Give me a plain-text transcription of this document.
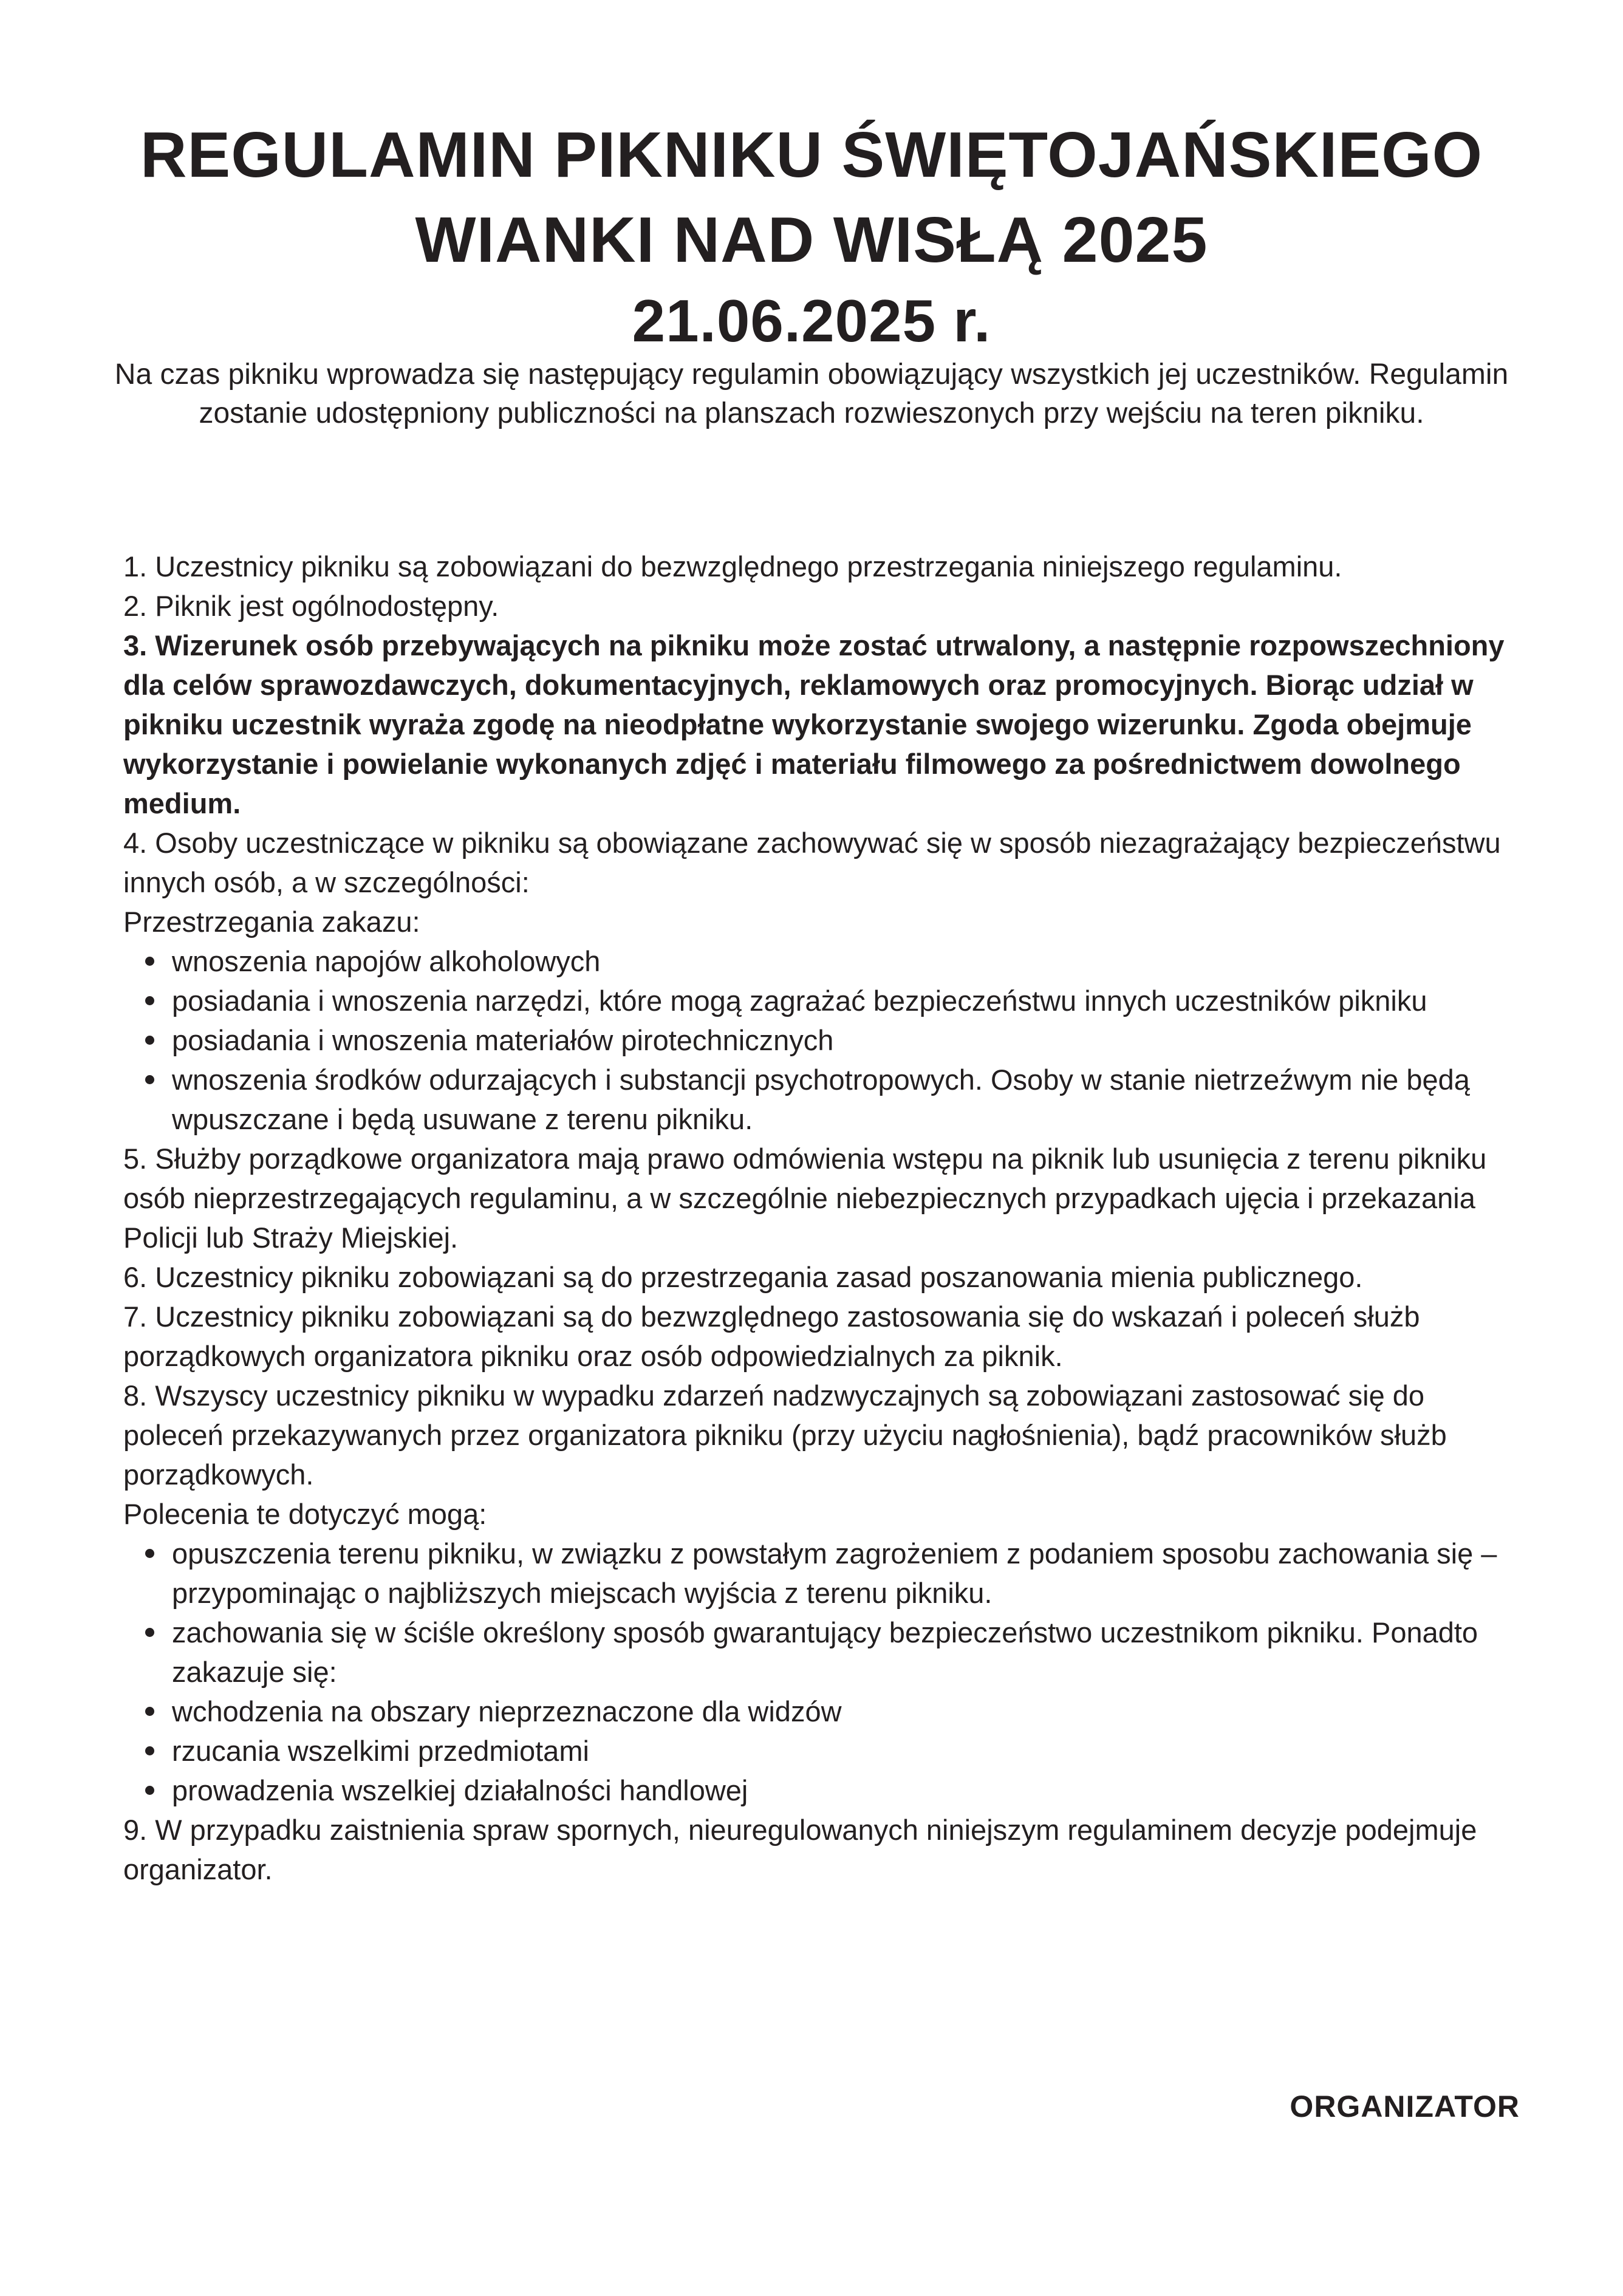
REGULAMIN PIKNIKU ŚWIĘTOJAŃSKIEGO
WIANKI NAD WISŁĄ 2025
21.06.2025 r.
Na czas pikniku wprowadza się następujący regulamin obowiązujący wszystkich jej uczestników. Regulamin zostanie udostępniony publiczności na planszach rozwieszonych przy wejściu na teren pikniku.

1. Uczestnicy pikniku są zobowiązani do bezwzględnego przestrzegania niniejszego regulaminu.

2. Piknik jest ogólnodostępny.

3. Wizerunek osób przebywających na pikniku może zostać utrwalony, a następnie rozpowszechniony dla celów sprawozdawczych, dokumentacyjnych, reklamowych oraz promocyjnych. Biorąc udział w pikniku uczestnik wyraża zgodę na nieodpłatne wykorzystanie swojego wizerunku. Zgoda obejmuje wykorzystanie i powielanie wykonanych zdjęć i materiału filmowego za pośrednictwem dowolnego medium.

4. Osoby uczestniczące w pikniku są obowiązane zachowywać się w sposób niezagrażający bezpieczeństwu innych osób, a w szczególności:

Przestrzegania zakazu:

wnoszenia napojów alkoholowych
posiadania i wnoszenia narzędzi, które mogą zagrażać bezpieczeństwu innych uczestników pikniku
posiadania i wnoszenia materiałów pirotechnicznych
wnoszenia środków odurzających i substancji psychotropowych. Osoby w stanie nietrzeźwym nie będą wpuszczane i będą usuwane z terenu pikniku.

5. Służby porządkowe organizatora mają prawo odmówienia wstępu na piknik lub usunięcia z terenu pikniku osób nieprzestrzegających regulaminu, a w szczególnie niebezpiecznych przypadkach ujęcia i przekazania Policji lub Straży Miejskiej.

6. Uczestnicy pikniku zobowiązani są do przestrzegania zasad poszanowania mienia publicznego.

7. Uczestnicy pikniku zobowiązani są do bezwzględnego zastosowania się do wskazań i poleceń służb porządkowych organizatora pikniku oraz osób odpowiedzialnych za piknik.

8. Wszyscy uczestnicy pikniku w wypadku zdarzeń nadzwyczajnych są zobowiązani zastosować się do poleceń przekazywanych przez organizatora pikniku (przy użyciu nagłośnienia), bądź pracowników służb porządkowych.

Polecenia te dotyczyć mogą:

opuszczenia terenu pikniku, w związku z powstałym zagrożeniem z podaniem sposobu zachowania się – przypominając o najbliższych miejscach wyjścia z terenu pikniku.
zachowania się w ściśle określony sposób gwarantujący bezpieczeństwo uczestnikom pikniku. Ponadto zakazuje się:
wchodzenia na obszary nieprzeznaczone dla widzów
rzucania wszelkimi przedmiotami
prowadzenia wszelkiej działalności handlowej

9. W przypadku zaistnienia spraw spornych, nieuregulowanych niniejszym regulaminem decyzje podejmuje organizator.

ORGANIZATOR
